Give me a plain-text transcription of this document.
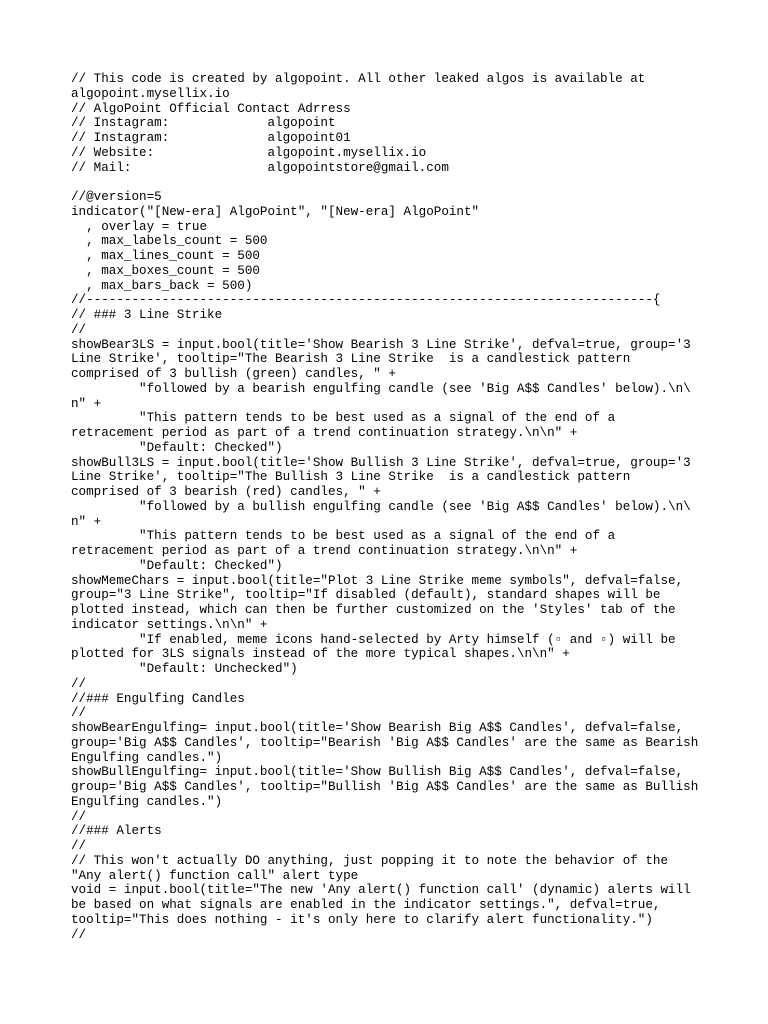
// This code is created by algopoint. All other leaked algos is available at
algopoint.mysellix.io
// AlgoPoint Official Contact Adrress
// Instagram:             algopoint
// Instagram:             algopoint01
// Website:               algopoint.mysellix.io
// Mail:                  algopointstore@gmail.com
//@version=5
indicator("[New-era] AlgoPoint", "[New-era] AlgoPoint"
, overlay = true
, max_labels_count = 500
, max_lines_count = 500
, max_boxes_count = 500
, max_bars_back = 500)
//---------------------------------------------------------------------------{
// ### 3 Line Strike
//
showBear3LS = input.bool(title='Show Bearish 3 Line Strike', defval=true, group='3
Line Strike', tooltip="The Bearish 3 Line Strike  is a candlestick pattern
comprised of 3 bullish (green) candles, " +
"followed by a bearish engulfing candle (see 'Big A$$ Candles' below).\n\
n" +
"This pattern tends to be best used as a signal of the end of a
retracement period as part of a trend continuation strategy.\n\n" +
"Default: Checked")
showBull3LS = input.bool(title='Show Bullish 3 Line Strike', defval=true, group='3
Line Strike', tooltip="The Bullish 3 Line Strike  is a candlestick pattern
comprised of 3 bearish (red) candles, " +
"followed by a bullish engulfing candle (see 'Big A$$ Candles' below).\n\
n" +
"This pattern tends to be best used as a signal of the end of a
retracement period as part of a trend continuation strategy.\n\n" +
"Default: Checked")
showMemeChars = input.bool(title="Plot 3 Line Strike meme symbols", defval=false,
group="3 Line Strike", tooltip="If disabled (default), standard shapes will be
plotted instead, which can then be further customized on the 'Styles' tab of the
indicator settings.\n\n" +
"If enabled, meme icons hand-selected by Arty himself (▫ and ▫) will be
plotted for 3LS signals instead of the more typical shapes.\n\n" +
"Default: Unchecked")
//
//### Engulfing Candles
//
showBearEngulfing= input.bool(title='Show Bearish Big A$$ Candles', defval=false,
group='Big A$$ Candles', tooltip="Bearish 'Big A$$ Candles' are the same as Bearish
Engulfing candles.")
showBullEngulfing= input.bool(title='Show Bullish Big A$$ Candles', defval=false,
group='Big A$$ Candles', tooltip="Bullish 'Big A$$ Candles' are the same as Bullish
Engulfing candles.")
//
//### Alerts
//
// This won't actually DO anything, just popping it to note the behavior of the
"Any alert() function call" alert type
void = input.bool(title="The new 'Any alert() function call' (dynamic) alerts will
be based on what signals are enabled in the indicator settings.", defval=true,
tooltip="This does nothing - it's only here to clarify alert functionality.")
//
